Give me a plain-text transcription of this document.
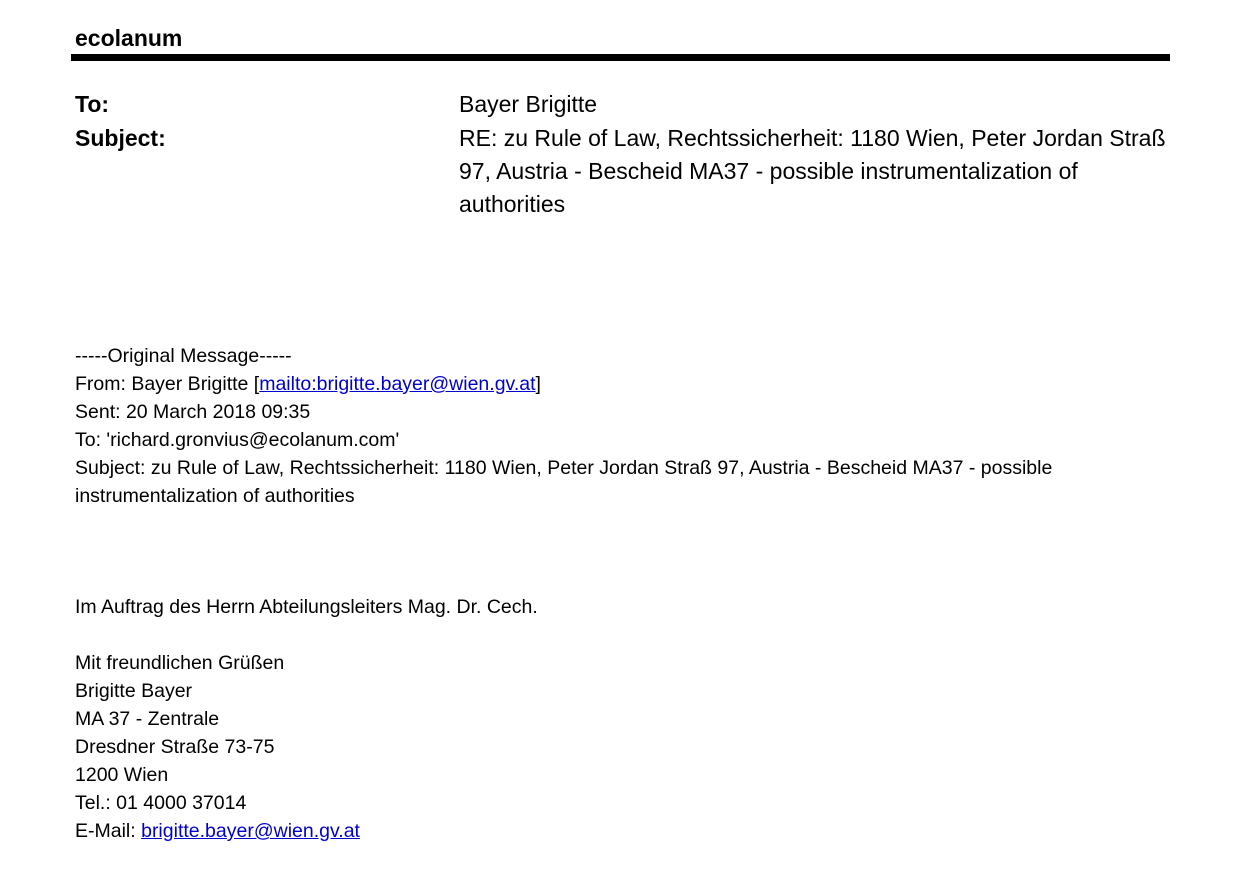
ecolanum
To:	Bayer Brigitte
Subject:	RE: zu Rule of Law, Rechtssicherheit: 1180 Wien, Peter Jordan Straß 97, Austria - Bescheid MA37 - possible instrumentalization of authorities
-----Original Message-----
From: Bayer Brigitte [mailto:brigitte.bayer@wien.gv.at]
Sent: 20 March 2018 09:35
To: 'richard.gronvius@ecolanum.com'
Subject: zu Rule of Law, Rechtssicherheit: 1180 Wien, Peter Jordan Straß 97, Austria - Bescheid MA37 - possible instrumentalization of authorities
Im Auftrag des Herrn Abteilungsleiters Mag. Dr. Cech.
Mit freundlichen Grüßen
Brigitte Bayer
MA 37 - Zentrale
Dresdner Straße 73-75
1200 Wien
Tel.: 01 4000 37014
E-Mail: brigitte.bayer@wien.gv.at
